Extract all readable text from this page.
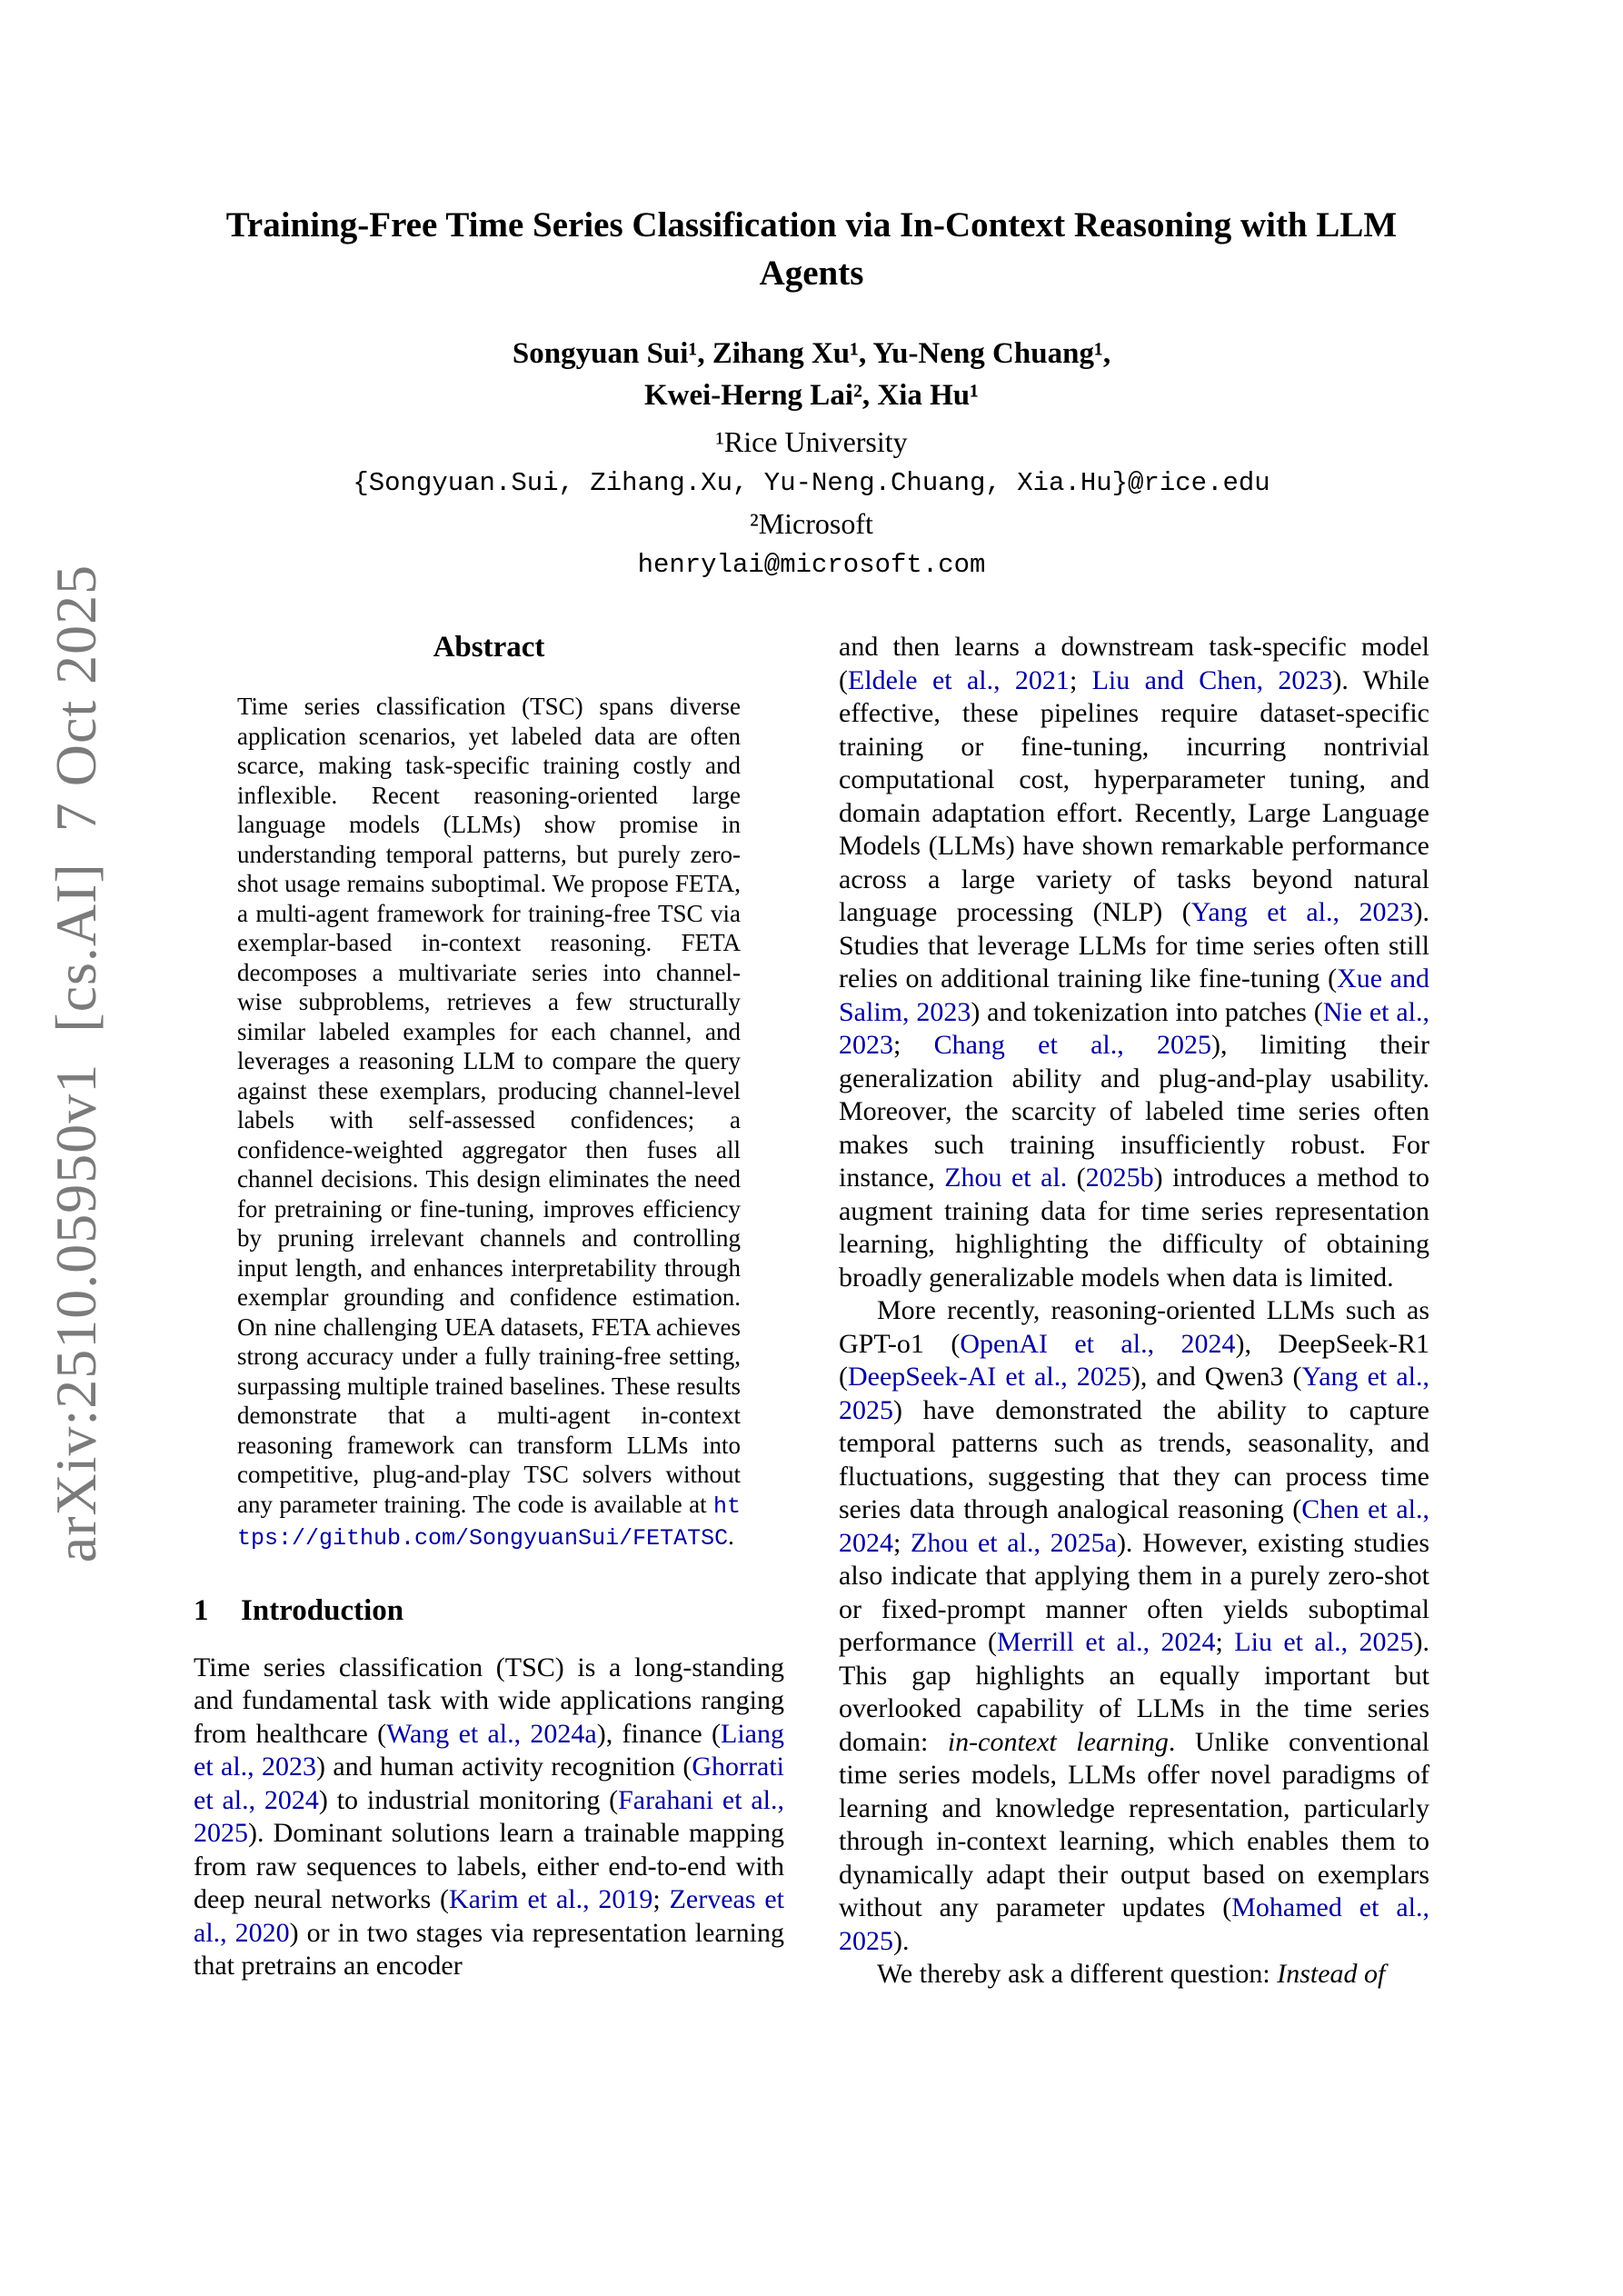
arXiv:2510.05950v1  [cs.AI]  7 Oct 2025
Training-Free Time Series Classification via In-Context Reasoning with LLM Agents
Songyuan Sui¹, Zihang Xu¹, Yu-Neng Chuang¹,
Kwei-Herng Lai², Xia Hu¹
¹Rice University
{Songyuan.Sui, Zihang.Xu, Yu-Neng.Chuang, Xia.Hu}@rice.edu
²Microsoft
henrylai@microsoft.com
Abstract

Time series classification (TSC) spans diverse application scenarios, yet labeled data are often scarce, making task-specific training costly and inflexible. Recent reasoning-oriented large language models (LLMs) show promise in understanding temporal patterns, but purely zero-shot usage remains suboptimal. We propose FETA, a multi-agent framework for training-free TSC via exemplar-based in-context reasoning. FETA decomposes a multivariate series into channel-wise subproblems, retrieves a few structurally similar labeled examples for each channel, and leverages a reasoning LLM to compare the query against these exemplars, producing channel-level labels with self-assessed confidences; a confidence-weighted aggregator then fuses all channel decisions. This design eliminates the need for pretraining or fine-tuning, improves efficiency by pruning irrelevant channels and controlling input length, and enhances interpretability through exemplar grounding and confidence estimation. On nine challenging UEA datasets, FETA achieves strong accuracy under a fully training-free setting, surpassing multiple trained baselines. These results demonstrate that a multi-agent in-context reasoning framework can transform LLMs into competitive, plug-and-play TSC solvers without any parameter training. The code is available at https://github.com/SongyuanSui/FETATSC.

1 Introduction

Time series classification (TSC) is a long-standing and fundamental task with wide applications ranging from healthcare (Wang et al., 2024a), finance (Liang et al., 2023) and human activity recognition (Ghorrati et al., 2024) to industrial monitoring (Farahani et al., 2025). Dominant solutions learn a trainable mapping from raw sequences to labels, either end-to-end with deep neural networks (Karim et al., 2019; Zerveas et al., 2020) or in two stages via representation learning that pretrains an encoder

and then learns a downstream task-specific model (Eldele et al., 2021; Liu and Chen, 2023). While effective, these pipelines require dataset-specific training or fine-tuning, incurring nontrivial computational cost, hyperparameter tuning, and domain adaptation effort. Recently, Large Language Models (LLMs) have shown remarkable performance across a large variety of tasks beyond natural language processing (NLP) (Yang et al., 2023). Studies that leverage LLMs for time series often still relies on additional training like fine-tuning (Xue and Salim, 2023) and tokenization into patches (Nie et al., 2023; Chang et al., 2025), limiting their generalization ability and plug-and-play usability. Moreover, the scarcity of labeled time series often makes such training insufficiently robust. For instance, Zhou et al. (2025b) introduces a method to augment training data for time series representation learning, highlighting the difficulty of obtaining broadly generalizable models when data is limited.

More recently, reasoning-oriented LLMs such as GPT-o1 (OpenAI et al., 2024), DeepSeek-R1 (DeepSeek-AI et al., 2025), and Qwen3 (Yang et al., 2025) have demonstrated the ability to capture temporal patterns such as trends, seasonality, and fluctuations, suggesting that they can process time series data through analogical reasoning (Chen et al., 2024; Zhou et al., 2025a). However, existing studies also indicate that applying them in a purely zero-shot or fixed-prompt manner often yields suboptimal performance (Merrill et al., 2024; Liu et al., 2025). This gap highlights an equally important but overlooked capability of LLMs in the time series domain: in-context learning. Unlike conventional time series models, LLMs offer novel paradigms of learning and knowledge representation, particularly through in-context learning, which enables them to dynamically adapt their output based on exemplars without any parameter updates (Mohamed et al., 2025).

We thereby ask a different question: Instead of
